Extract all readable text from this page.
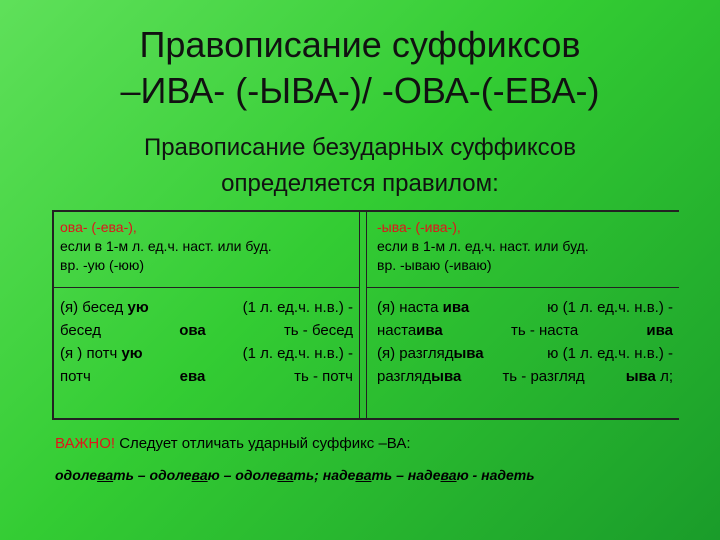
Правописание суффиксов
–ИВА- (-ЫВА-)/ -ОВА-(-ЕВА-)
Правописание безударных суффиксов
определяется правилом:
ова- (-ева-),
если в 1-м л. ед.ч. наст. или буд.
вр. -ую (-юю)
(я) бесед ую	(1 л. ед.ч. н.в.) -
бесед	ова	ть - бесед
(я ) потч ую	(1 л. ед.ч. н.в.) -
потч	ева	ть - потч
-ыва- (-ива-),
если в 1-м л. ед.ч. наст. или буд.
вр. -ываю (-иваю)
(я) наста ива	ю (1 л. ед.ч. н.в.) -
настаива	ть - наста	ива
(я) разглядыва	ю (1 л. ед.ч. н.в.) -
разглядыва	ть - разгляд	ыва л;
ВАЖНО! Следует отличать ударный суффикс –ВА:
одолевать – одолеваю – одолевать; надевать – надеваю - надеть
